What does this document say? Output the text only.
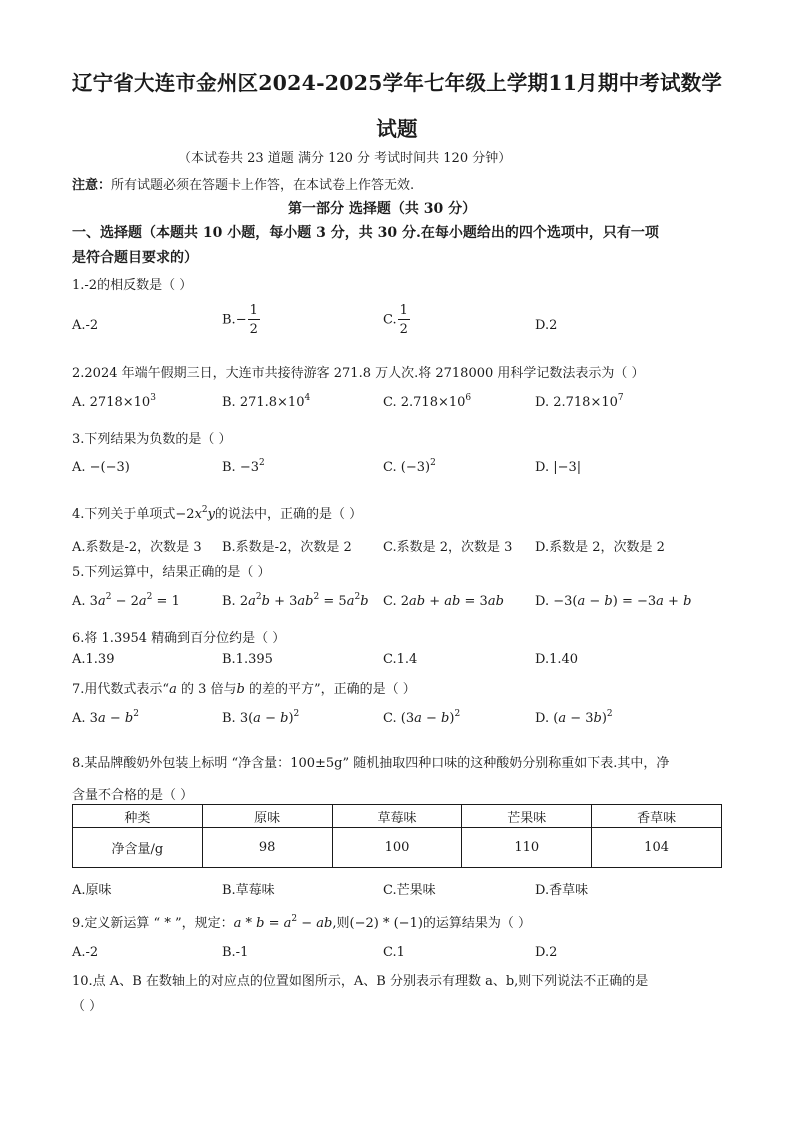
辽宁省大连市金州区2024-2025学年七年级上学期11月期中考试数学
试题
（本试卷共 23 道题 满分 120 分 考试时间共 120 分钟）
注意：所有试题必须在答题卡上作答，在本试卷上作答无效.
第一部分 选择题（共 30 分）
一、选择题（本题共 10 小题，每小题 3 分，共 30 分.在每小题给出的四个选项中，只有一项
是符合题目要求的）
1.-2的相反数是（ ）
A.-2	$B.- \frac{1}{2}$	C. $\frac{1}{2}$	D.2
2.2024 年端午假期三日，大连市共接待游客 271.8 万人次.将 2718000 用科学记数法表示为（ ）
A. $2718\times 10^3$	B. $271.8\times 10^4$	C. $2.718\times 10^6$	D. $2.718\times 10^7$
3.下列结果为负数的是（ ）
A. −(−3)	B. $-3^2$	C. $(-3)^2$	D. |−3|
4.下列关于单项式$-2x^2y$的说法中，正确的是（ ）
A.系数是-2，次数是 3 B.系数是-2，次数是 2 C.系数是 2，次数是 3 D.系数是 2，次数是 2
5.下列运算中，结果正确的是（ ）
A. $3a^2 - 2a^2 = 1$	B. $2a^2b + 3ab^2 = 5a^2b$ C. 2ab + ab = 3ab D. −3(a − b) = −3a + b
6.将 1.3954 精确到百分位约是（ ）
A.1.39	B.1.395	C.1.4	D.1.40
7.用代数式表示“a 的 3 倍与b 的差的平方”，正确的是（ ）
A. $3a - b^2$	B. $3(a - b)^2$	C. $(3a - b)^2$	D. $(a - 3b)^2$
8.某品牌酸奶外包装上标明 “净含量：100±5g” 随机抽取四种口味的这种酸奶分别称重如下表.其中，净
含量不合格的是（ ）
种类	原味	草莓味	芒果味	香草味
净含量/g	98	100	110	104
A.原味	B.草莓味	C.芒果味	D.香草味
9.定义新运算 “ * ”，规定：$a * b = a^2$ − ab,则(−2) * (−1)的运算结果为（ ）
A.-2	B.-1	C.1	D.2
10.点 A、B 在数轴上的对应点的位置如图所示，A、B 分别表示有理数 a、b,则下列说法不正确的是
（ ）
